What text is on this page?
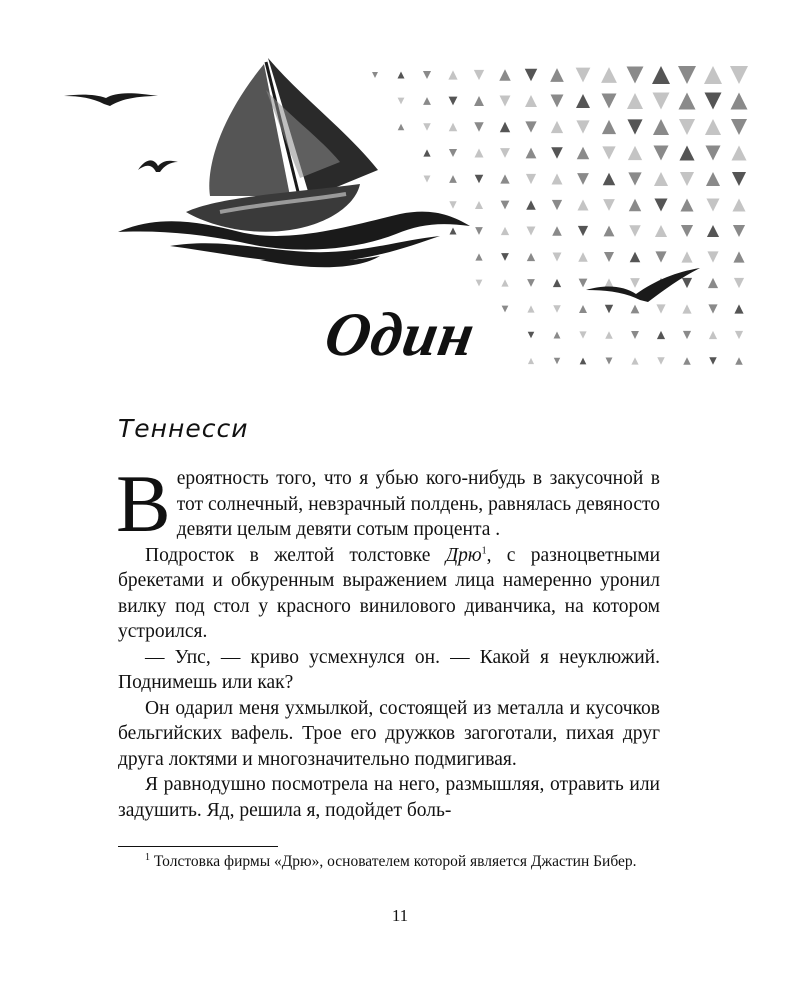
Один
Теннесси

Вероятность того, что я убью кого-нибудь в закусочной в тот солнечный, невзрачный полдень, равнялась девяносто девяти целым девяти сотым процента .

Подросток в желтой толстовке Дрю$^1$, с разноцветными брекетами и обкуренным выражением лица намеренно уронил вилку под стол у красного винилового диванчика, на котором устроился.

— Упс, — криво усмехнулся он. — Какой я неуклюжий. Поднимешь или как?

Он одарил меня ухмылкой, состоящей из металла и кусочков бельгийских вафель. Трое его дружков загоготали, пихая друг друга локтями и многозначительно подмигивая.

Я равнодушно посмотрела на него, размышляя, отравить или задушить. Яд, решила я, подойдет боль-

$^1$ Толстовка фирмы «Дрю», основателем которой является Джастин Бибер.
11
